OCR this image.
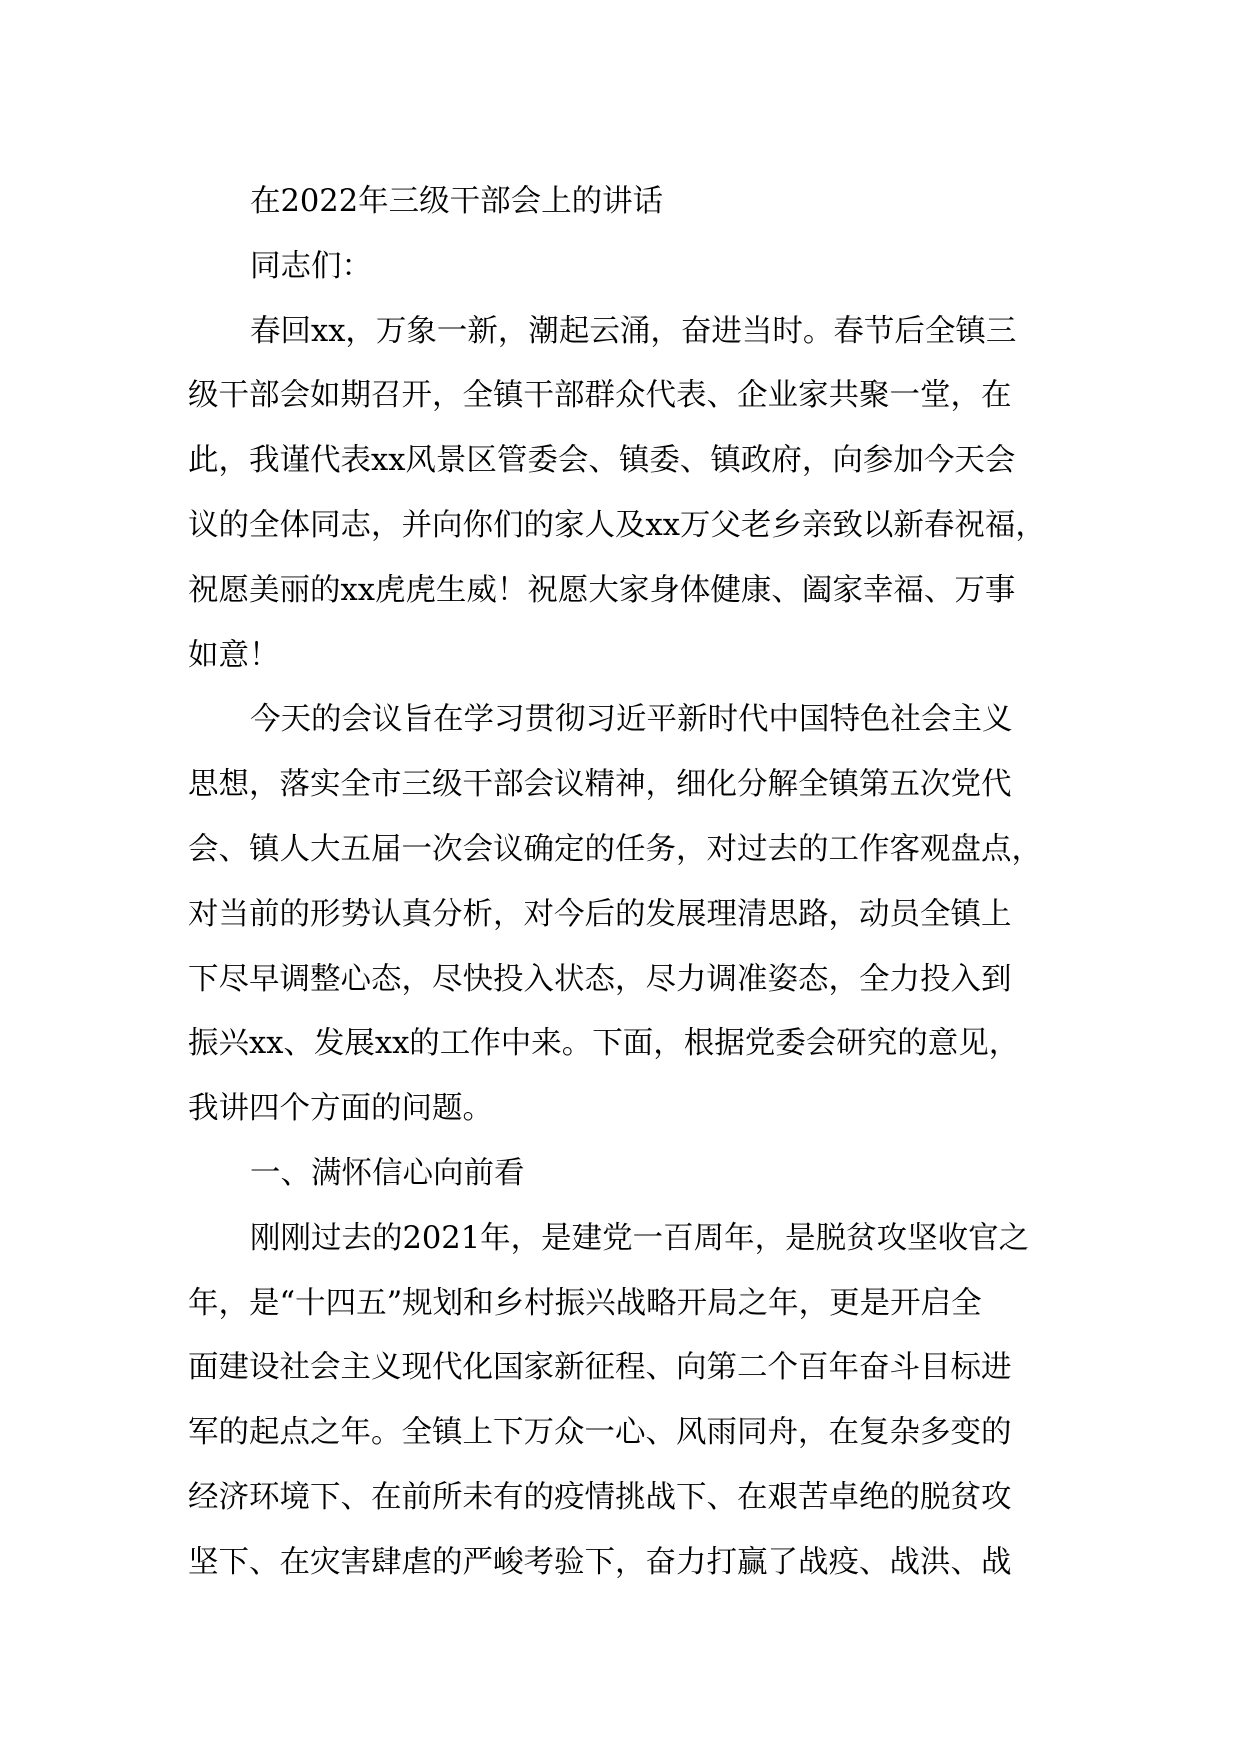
在2022年三级干部会上的讲话
同志们：
春回xx，万象一新，潮起云涌，奋进当时。春节后全镇三
级干部会如期召开，全镇干部群众代表、企业家共聚一堂，在
此，我谨代表xx风景区管委会、镇委、镇政府，向参加今天会
议的全体同志，并向你们的家人及xx万父老乡亲致以新春祝福，
祝愿美丽的xx虎虎生威！祝愿大家身体健康、阖家幸福、万事
如意！
今天的会议旨在学习贯彻习近平新时代中国特色社会主义
思想，落实全市三级干部会议精神，细化分解全镇第五次党代
会、镇人大五届一次会议确定的任务，对过去的工作客观盘点，
对当前的形势认真分析，对今后的发展理清思路，动员全镇上
下尽早调整心态，尽快投入状态，尽力调准姿态，全力投入到
振兴xx、发展xx的工作中来。下面，根据党委会研究的意见，
我讲四个方面的问题。
一、满怀信心向前看
刚刚过去的2021年，是建党一百周年，是脱贫攻坚收官之
年，是“十四五”规划和乡村振兴战略开局之年，更是开启全
面建设社会主义现代化国家新征程、向第二个百年奋斗目标进
军的起点之年。全镇上下万众一心、风雨同舟，在复杂多变的
经济环境下、在前所未有的疫情挑战下、在艰苦卓绝的脱贫攻
坚下、在灾害肆虐的严峻考验下，奋力打赢了战疫、战洪、战
